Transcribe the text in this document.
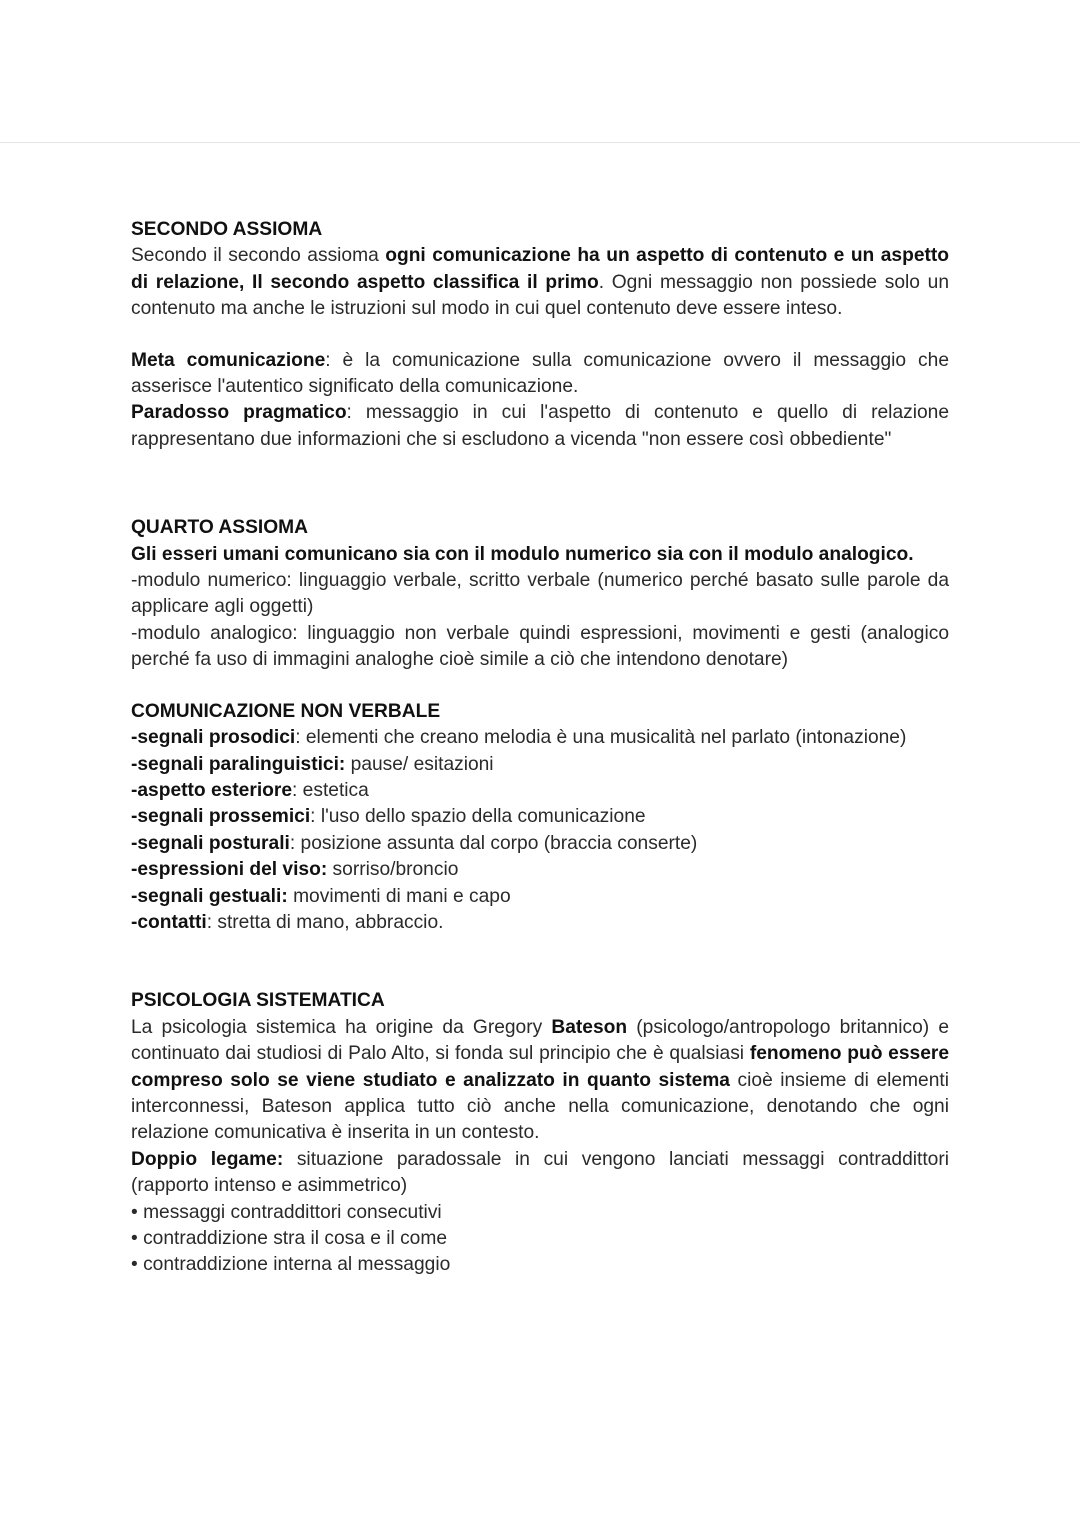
SECONDO ASSIOMA

Secondo il secondo assioma ogni comunicazione ha un aspetto di contenuto e un aspetto di relazione, Il secondo aspetto classifica il primo. Ogni messaggio non possiede solo un contenuto ma anche le istruzioni sul modo in cui quel contenuto deve essere inteso.

Meta comunicazione: è la comunicazione sulla comunicazione ovvero il messaggio che asserisce l'autentico significato della comunicazione.

Paradosso pragmatico: messaggio in cui l'aspetto di contenuto e quello di relazione rappresentano due informazioni che si escludono a vicenda "non essere così obbediente"

QUARTO ASSIOMA

Gli esseri umani comunicano sia con il modulo numerico sia con il modulo analogico.

-modulo numerico: linguaggio verbale, scritto verbale (numerico perché basato sulle parole da applicare agli oggetti)

-modulo analogico: linguaggio non verbale quindi espressioni, movimenti e gesti (analogico perché fa uso di immagini analoghe cioè simile a ciò che intendono denotare)

COMUNICAZIONE NON VERBALE

-segnali prosodici: elementi che creano melodia è una musicalità nel parlato (intonazione)

-segnali paralinguistici: pause/ esitazioni

-aspetto esteriore: estetica

-segnali prossemici: l'uso dello spazio della comunicazione

-segnali posturali: posizione assunta dal corpo (braccia conserte)

-espressioni del viso: sorriso/broncio

-segnali gestuali: movimenti di mani e capo

-contatti: stretta di mano, abbraccio.

PSICOLOGIA SISTEMATICA

La psicologia sistemica ha origine da Gregory Bateson (psicologo/antropologo britannico) e continuato dai studiosi di Palo Alto, si fonda sul principio che è qualsiasi fenomeno può essere compreso solo se viene studiato e analizzato in quanto sistema cioè insieme di elementi interconnessi, Bateson applica tutto ciò anche nella comunicazione, denotando che ogni relazione comunicativa è inserita in un contesto.

Doppio legame: situazione paradossale in cui vengono lanciati messaggi contraddittori (rapporto intenso e asimmetrico)

• messaggi contraddittori consecutivi

• contraddizione stra il cosa e il come

• contraddizione interna al messaggio
